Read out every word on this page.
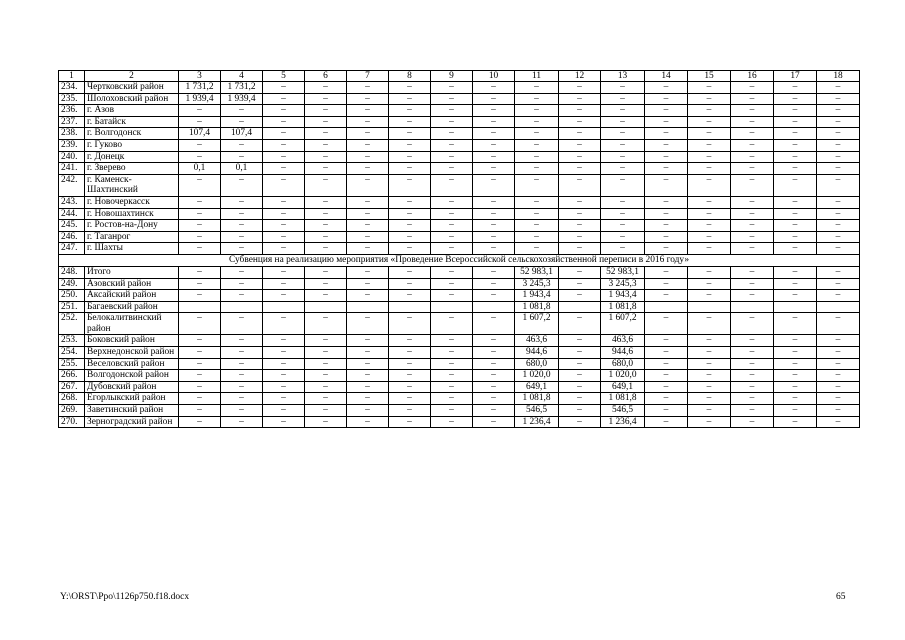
1	2	3	4	5	6	7	8	9	10	11	12	13	14	15	16	17	18
234.	Чертковский район	1 731,2	1 731,2	–	–	–	–	–	–	–	–	–	–	–	–	–	–
235.	Шолоховский район	1 939,4	1 939,4	–	–	–	–	–	–	–	–	–	–	–	–	–	–
236.	г. Азов	–	–	–	–	–	–	–	–	–	–	–	–	–	–	–	–
237.	г. Батайск	–	–	–	–	–	–	–	–	–	–	–	–	–	–	–	–
238.	г. Волгодонск	107,4	107,4	–	–	–	–	–	–	–	–	–	–	–	–	–	–
239.	г. Гуково	–	–	–	–	–	–	–	–	–	–	–	–	–	–	–	–
240.	г. Донецк	–	–	–	–	–	–	–	–	–	–	–	–	–	–	–	–
241.	г. Зверево	0,1	0,1	–	–	–	–	–	–	–	–	–	–	–	–	–	–
242.	г. Каменск-Шахтинский	–	–	–	–	–	–	–	–	–	–	–	–	–	–	–	–
243.	г. Новочеркасск	–	–	–	–	–	–	–	–	–	–	–	–	–	–	–	–
244.	г. Новошахтинск	–	–	–	–	–	–	–	–	–	–	–	–	–	–	–	–
245.	г. Ростов-на-Дону	–	–	–	–	–	–	–	–	–	–	–	–	–	–	–	–
246.	г. Таганрог	–	–	–	–	–	–	–	–	–	–	–	–	–	–	–	–
247.	г. Шахты	–	–	–	–	–	–	–	–	–	–	–	–	–	–	–	–
Субвенция на реализацию мероприятия «Проведение Всероссийской сельскохозяйственной переписи в 2016 году»																	
248.	Итого	–	–	–	–	–	–	–	–	52 983,1	–	52 983,1	–	–	–	–	–
249.	Азовский район	–	–	–	–	–	–	–	–	3 245,3	–	3 245,3	–	–	–	–	–
250.	Аксайский район	–	–	–	–	–	–	–	–	1 943,4	–	1 943,4	–	–	–	–	–
251.	Багаевский район									1 081,8		1 081,8					
252.	Белокалитвинский район	–	–	–	–	–	–	–	–	1 607,2	–	1 607,2	–	–	–	–	–
253.	Боковский район	–	–	–	–	–	–	–	–	463,6	–	463,6	–	–	–	–	–
254.	Верхнедонской район	–	–	–	–	–	–	–	–	944,6	–	944,6	–	–	–	–	–
255.	Веселовский район	–	–	–	–	–	–	–	–	680,0	–	680,0	–	–	–	–	–
266.	Волгодонской район	–	–	–	–	–	–	–	–	1 020,0	–	1 020,0	–	–	–	–	–
267.	Дубовский район	–	–	–	–	–	–	–	–	649,1	–	649,1	–	–	–	–	–
268.	Егорлыкский район	–	–	–	–	–	–	–	–	1 081,8	–	1 081,8	–	–	–	–	–
269.	Заветинский район	–	–	–	–	–	–	–	–	546,5	–	546,5	–	–	–	–	–
270.	Зерноградский район	–	–	–	–	–	–	–	–	1 236,4	–	1 236,4	–	–	–	–	–
Y:\ORST\Ppo\1126p750.f18.docx	65
